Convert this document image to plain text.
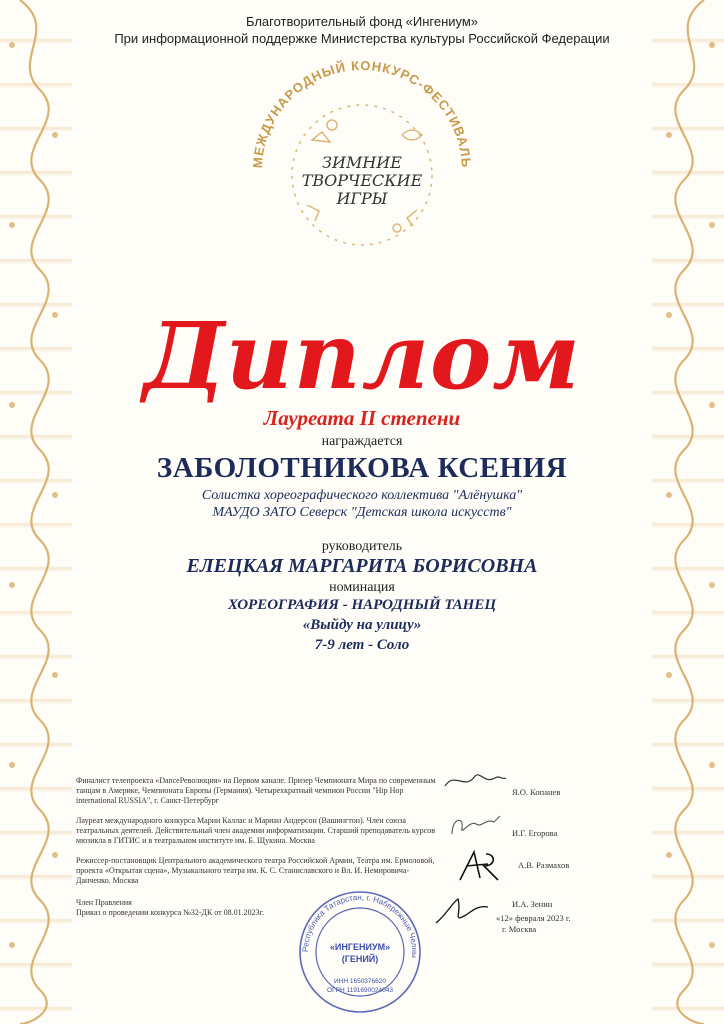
Благотворительный фонд «Ингениум»
При информационной поддержке Министерства культуры Российской Федерации
МЕЖДУНАРОДНЫЙ КОНКУРС-ФЕСТИВАЛЬ
ЗИМНИЕ
ТВОРЧЕСКИЕ
ИГРЫ
Диплом
Лауреата II степени
награждается
ЗАБОЛОТНИКОВА КСЕНИЯ
Солистка хореографического коллектива "Алёнушка"
МАУДО ЗАТО Северск "Детская школа искусств"
руководитель
ЕЛЕЦКАЯ МАРГАРИТА БОРИСОВНА
номинация
ХОРЕОГРАФИЯ - НАРОДНЫЙ ТАНЕЦ
«Выйду на улицу»
7-9 лет - Соло
Финалист телепроекта «DanceРеволюция» на Первом канале. Призер Чемпионата Мира по современным танцам в Америке, Чемпионата Европы (Германия). Четырехкратный чемпион России "Hip Hop international RUSSIA", г. Санкт-Петербург
Я.О. Копанев
Лауреат международного конкурса Марии Каллас и Мариан Андерсон (Вашингтон). Член союза театральных деятелей. Действительный член академии информатизации. Старший преподаватель курсов мюзикла в ГИТИС и в театральном институте им. Б. Щукина. Москва
И.Г. Егорова
Режиссер-постановщик Центрального академического театра Российской Армии, Театра им. Ермоловой, проекта «Открытая сцена», Музыкального театра им. К. С. Станиславского и Вл. И. Немировича-Данченко. Москва
А.В. Размахов
Член Правления
Приказ о проведении конкурса №32-ДК от 08.01.2023г.
И.А. Зенин
«12» февраля 2023 г.
г. Москва
Республика Татарстан, г. Набережные Челны
«ИНГЕНИУМ»
(ГЕНИЙ)
ИНН 1650376620
ОГРН 1191690024043
